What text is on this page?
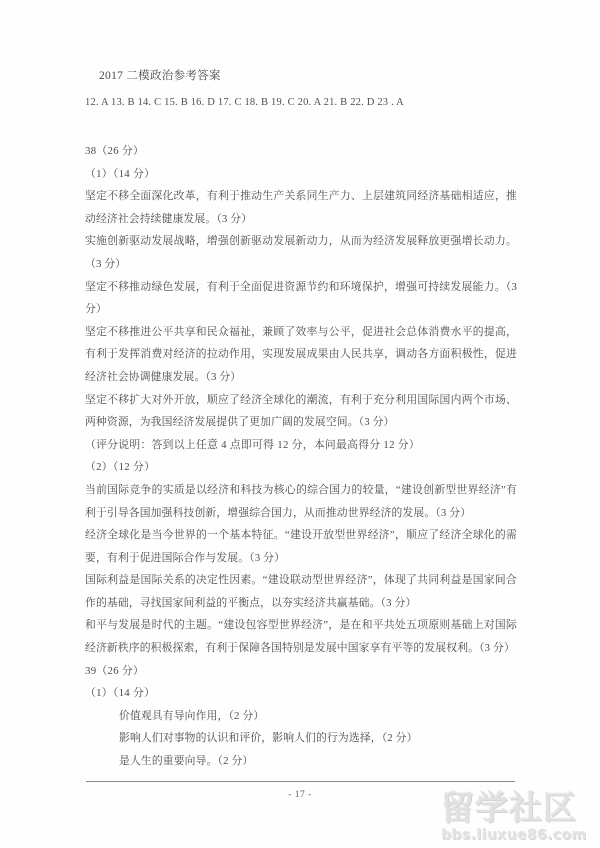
2017 二模政治参考答案
12. A 13. B 14. C 15. B 16. D 17. C 18. B 19. C 20. A 21. B 22. D 23 . A

38（26 分）

（1）（14 分）

坚定不移全面深化改革，有利于推动生产关系同生产力、上层建筑同经济基础相适应，推动经济社会持续健康发展。（3 分）

实施创新驱动发展战略，增强创新驱动发展新动力，从而为经济发展释放更强增长动力。（3 分）

坚定不移推动绿色发展，有利于全面促进资源节约和环境保护，增强可持续发展能力。（3 分）

坚定不移推进公平共享和民众福祉，兼顾了效率与公平，促进社会总体消费水平的提高，有利于发挥消费对经济的拉动作用，实现发展成果由人民共享，调动各方面积极性，促进经济社会协调健康发展。（3 分）

坚定不移扩大对外开放，顺应了经济全球化的潮流，有利于充分利用国际国内两个市场、两种资源，为我国经济发展提供了更加广阔的发展空间。（3 分）

（评分说明：答到以上任意 4 点即可得 12 分，本问最高得分 12 分）

（2）（12 分）

当前国际竞争的实质是以经济和科技为核心的综合国力的较量，“建设创新型世界经济”有利于引导各国加强科技创新，增强综合国力，从而推动世界经济的发展。（3 分）

经济全球化是当今世界的一个基本特征。“建设开放型世界经济”，顺应了经济全球化的需要，有利于促进国际合作与发展。（3 分）

国际利益是国际关系的决定性因素。“建设联动型世界经济”，体现了共同利益是国家间合作的基础，寻找国家间利益的平衡点，以夯实经济共赢基础。（3 分）

和平与发展是时代的主题。“建设包容型世界经济”，是在和平共处五项原则基础上对国际经济新秩序的积极探索，有利于保障各国特别是发展中国家享有平等的发展权利。（3 分）

39（26 分）

（1）（14 分）

价值观具有导向作用，（2 分）

影响人们对事物的认识和评价，影响人们的行为选择，（2 分）

是人生的重要向导。（2 分）

- 17 -	留学社区
bbs.liuxue86.com
